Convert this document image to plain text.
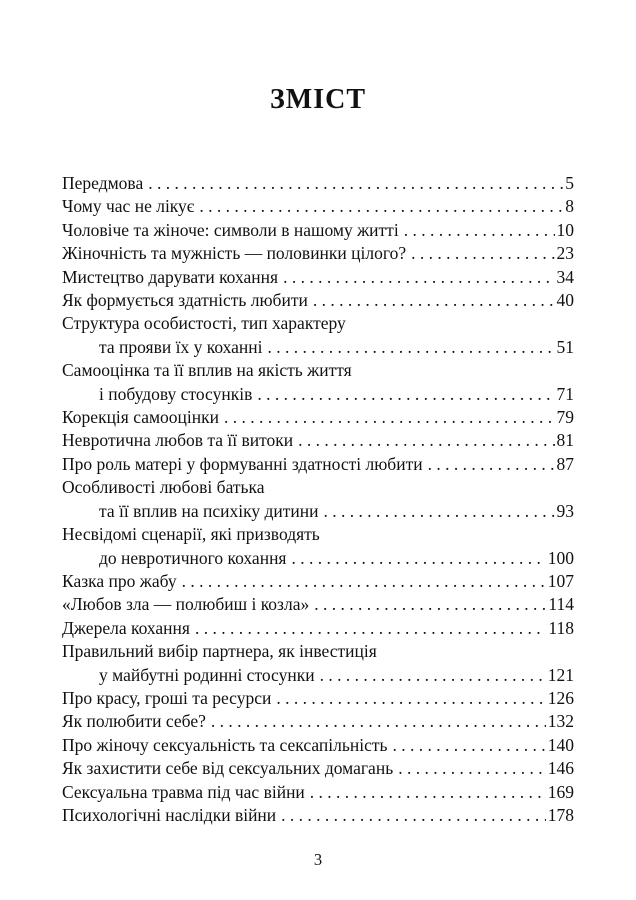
ЗМІСТ
Передмова . . .	5
Чому час не лікує . . .	8
Чоловіче та жіноче: символи в нашому житті . . .	10
Жіночність та мужність — половинки цілого? . . .	23
Мистецтво дарувати кохання . . .	34
Як формується здатність любити . . .	40
Структура особистості, тип характеру
та прояви їх у коханні . . .	51
Самооцінка та її вплив на якість життя
і побудову стосунків . . .	71
Корекція самооцінки . . .	79
Невротична любов та її витоки . . .	81
Про роль матері у формуванні здатності любити . . .	87
Особливості любові батька
та її вплив на психіку дитини . . .	93
Несвідомі сценарії, які призводять
до невротичного кохання . . .	100
Казка про жабу . . .	107
«Любов зла — полюбиш і козла» . . .	114
Джерела кохання . . .	118
Правильний вибір партнера, як інвестиція
у майбутні родинні стосунки . . .	121
Про красу, гроші та ресурси . . .	126
Як полюбити себе? . . .	132
Про жіночу сексуальність та сексапільність . . .	140
Як захистити себе від сексуальних домагань . . .	146
Сексуальна травма під час війни . . .	169
Психологічні наслідки війни . . .	178
3
